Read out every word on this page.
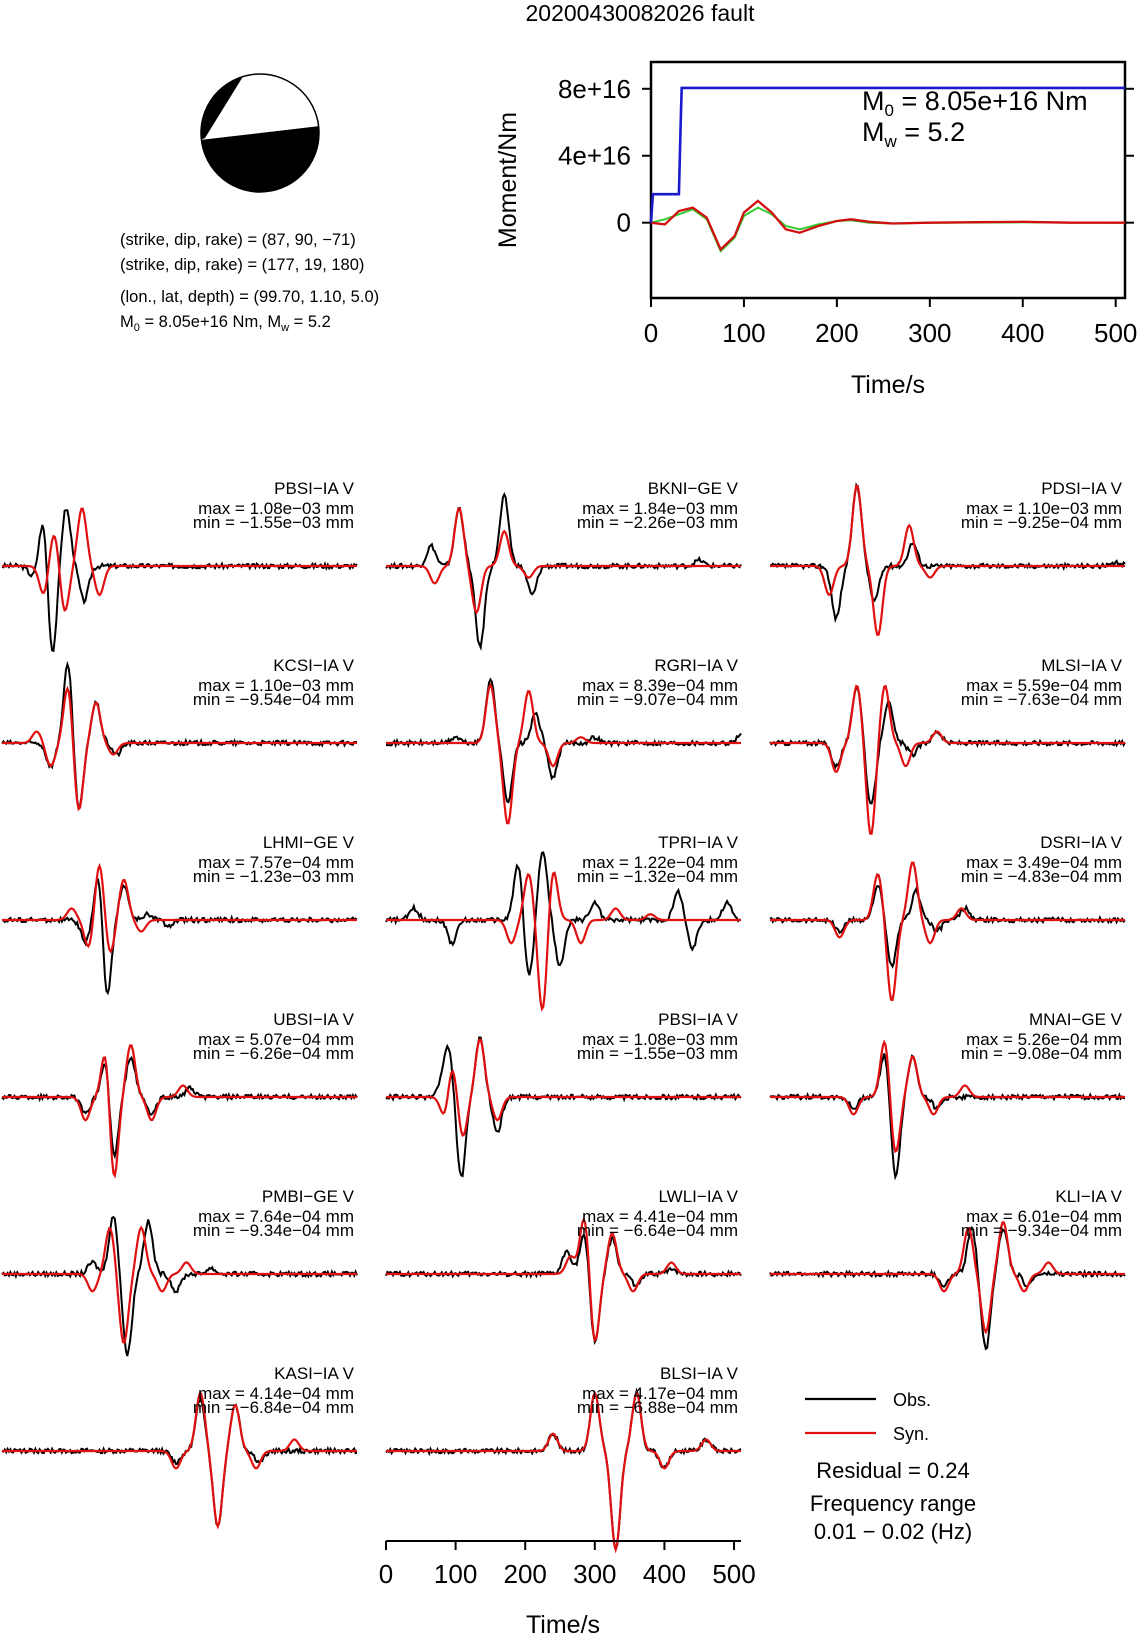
20200430082026 fault
(strike, dip, rake) = (87, 90, −71)
(strike, dip, rake) = (177, 19, 180)
(lon., lat, depth) = (99.70, 1.10, 5.0)
$M_0 = 8.05e+16$ Nm, $M_w = 5.2$
0
4e+16
8e+16
0 100 200 300 400 500
$M_0 = 8.05e+16$ Nm
$M_w = 5.2$
Moment/Nm
Time/s
PBSI−IA V
max = 1.08e−03 mm
min = −1.55e−03 mm
BKNI−GE V
max = 1.84e−03 mm
min = −2.26e−03 mm
PDSI−IA V
max = 1.10e−03 mm
min = −9.25e−04 mm
KCSI−IA V
max = 1.10e−03 mm
min = −9.54e−04 mm
RGRI−IA V
max = 8.39e−04 mm
min = −9.07e−04 mm
MLSI−IA V
max = 5.59e−04 mm
min = −7.63e−04 mm
LHMI−GE V
max = 7.57e−04 mm
min = −1.23e−03 mm
TPRI−IA V
max = 1.22e−04 mm
min = −1.32e−04 mm
DSRI−IA V
max = 3.49e−04 mm
min = −4.83e−04 mm
UBSI−IA V
max = 5.07e−04 mm
min = −6.26e−04 mm
PBSI−IA V
max = 1.08e−03 mm
min = −1.55e−03 mm
MNAI−GE V
max = 5.26e−04 mm
min = −9.08e−04 mm
PMBI−GE V
max = 7.64e−04 mm
min = −9.34e−04 mm
LWLI−IA V
max = 4.41e−04 mm
min = −6.64e−04 mm
KLI−IA V
max = 6.01e−04 mm
min = −9.34e−04 mm
KASI−IA V
max = 4.14e−04 mm
min = −6.84e−04 mm
BLSI−IA V
max = 4.17e−04 mm
min = −6.88e−04 mm
Time/s
0 100 200 300 400 500
Obs.
Syn.
Residual = 0.24
Frequency range
0.01 − 0.02 (Hz)
